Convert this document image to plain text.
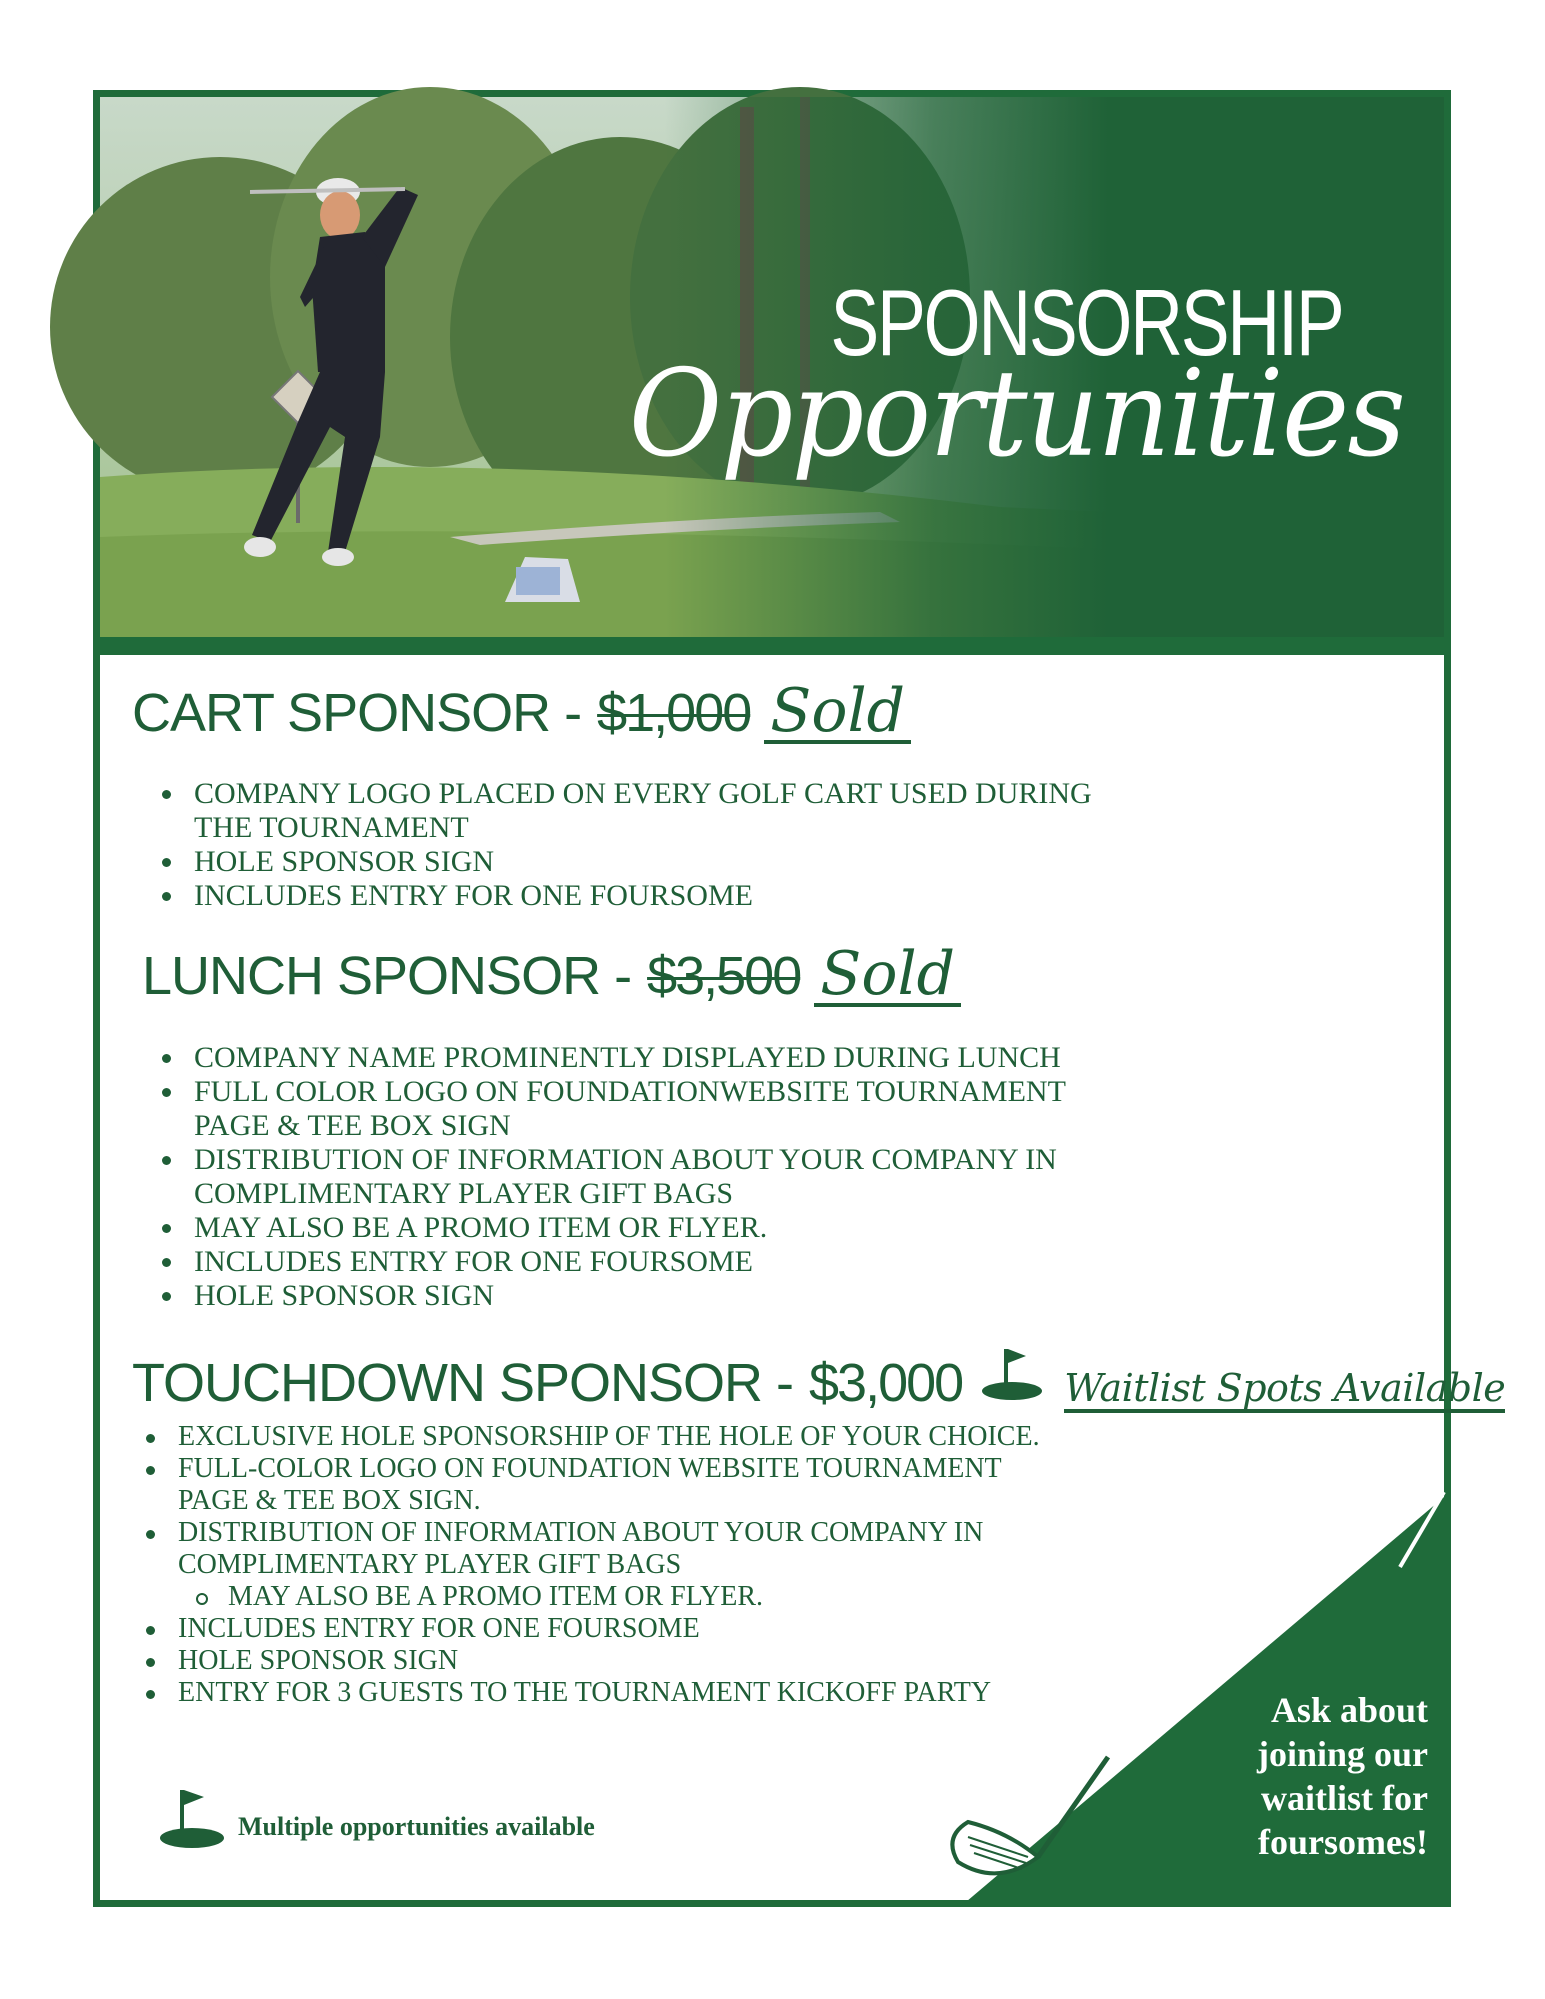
SPONSORSHIP
Opportunities
Ask about
joining our
waitlist for
foursomes!
CART SPONSOR - $1,000 Sold
COMPANY LOGO PLACED ON EVERY GOLF CART USED DURING
THE TOURNAMENT
HOLE SPONSOR SIGN
INCLUDES ENTRY FOR ONE FOURSOME
LUNCH SPONSOR - $3,500 Sold
COMPANY NAME PROMINENTLY DISPLAYED DURING LUNCH
FULL COLOR LOGO ON FOUNDATIONWEBSITE TOURNAMENT
PAGE & TEE BOX SIGN
DISTRIBUTION OF INFORMATION ABOUT YOUR COMPANY IN
COMPLIMENTARY PLAYER GIFT BAGS
MAY ALSO BE A PROMO ITEM OR FLYER.
INCLUDES ENTRY FOR ONE FOURSOME
HOLE SPONSOR SIGN
TOUCHDOWN SPONSOR - $3,000	Waitlist Spots Available
EXCLUSIVE HOLE SPONSORSHIP OF THE HOLE OF YOUR CHOICE.
FULL-COLOR LOGO ON FOUNDATION WEBSITE TOURNAMENT
PAGE & TEE BOX SIGN.
DISTRIBUTION OF INFORMATION ABOUT YOUR COMPANY IN
COMPLIMENTARY PLAYER GIFT BAGS
MAY ALSO BE A PROMO ITEM OR FLYER.
INCLUDES ENTRY FOR ONE FOURSOME
HOLE SPONSOR SIGN
ENTRY FOR 3 GUESTS TO THE TOURNAMENT KICKOFF PARTY
Multiple opportunities available
